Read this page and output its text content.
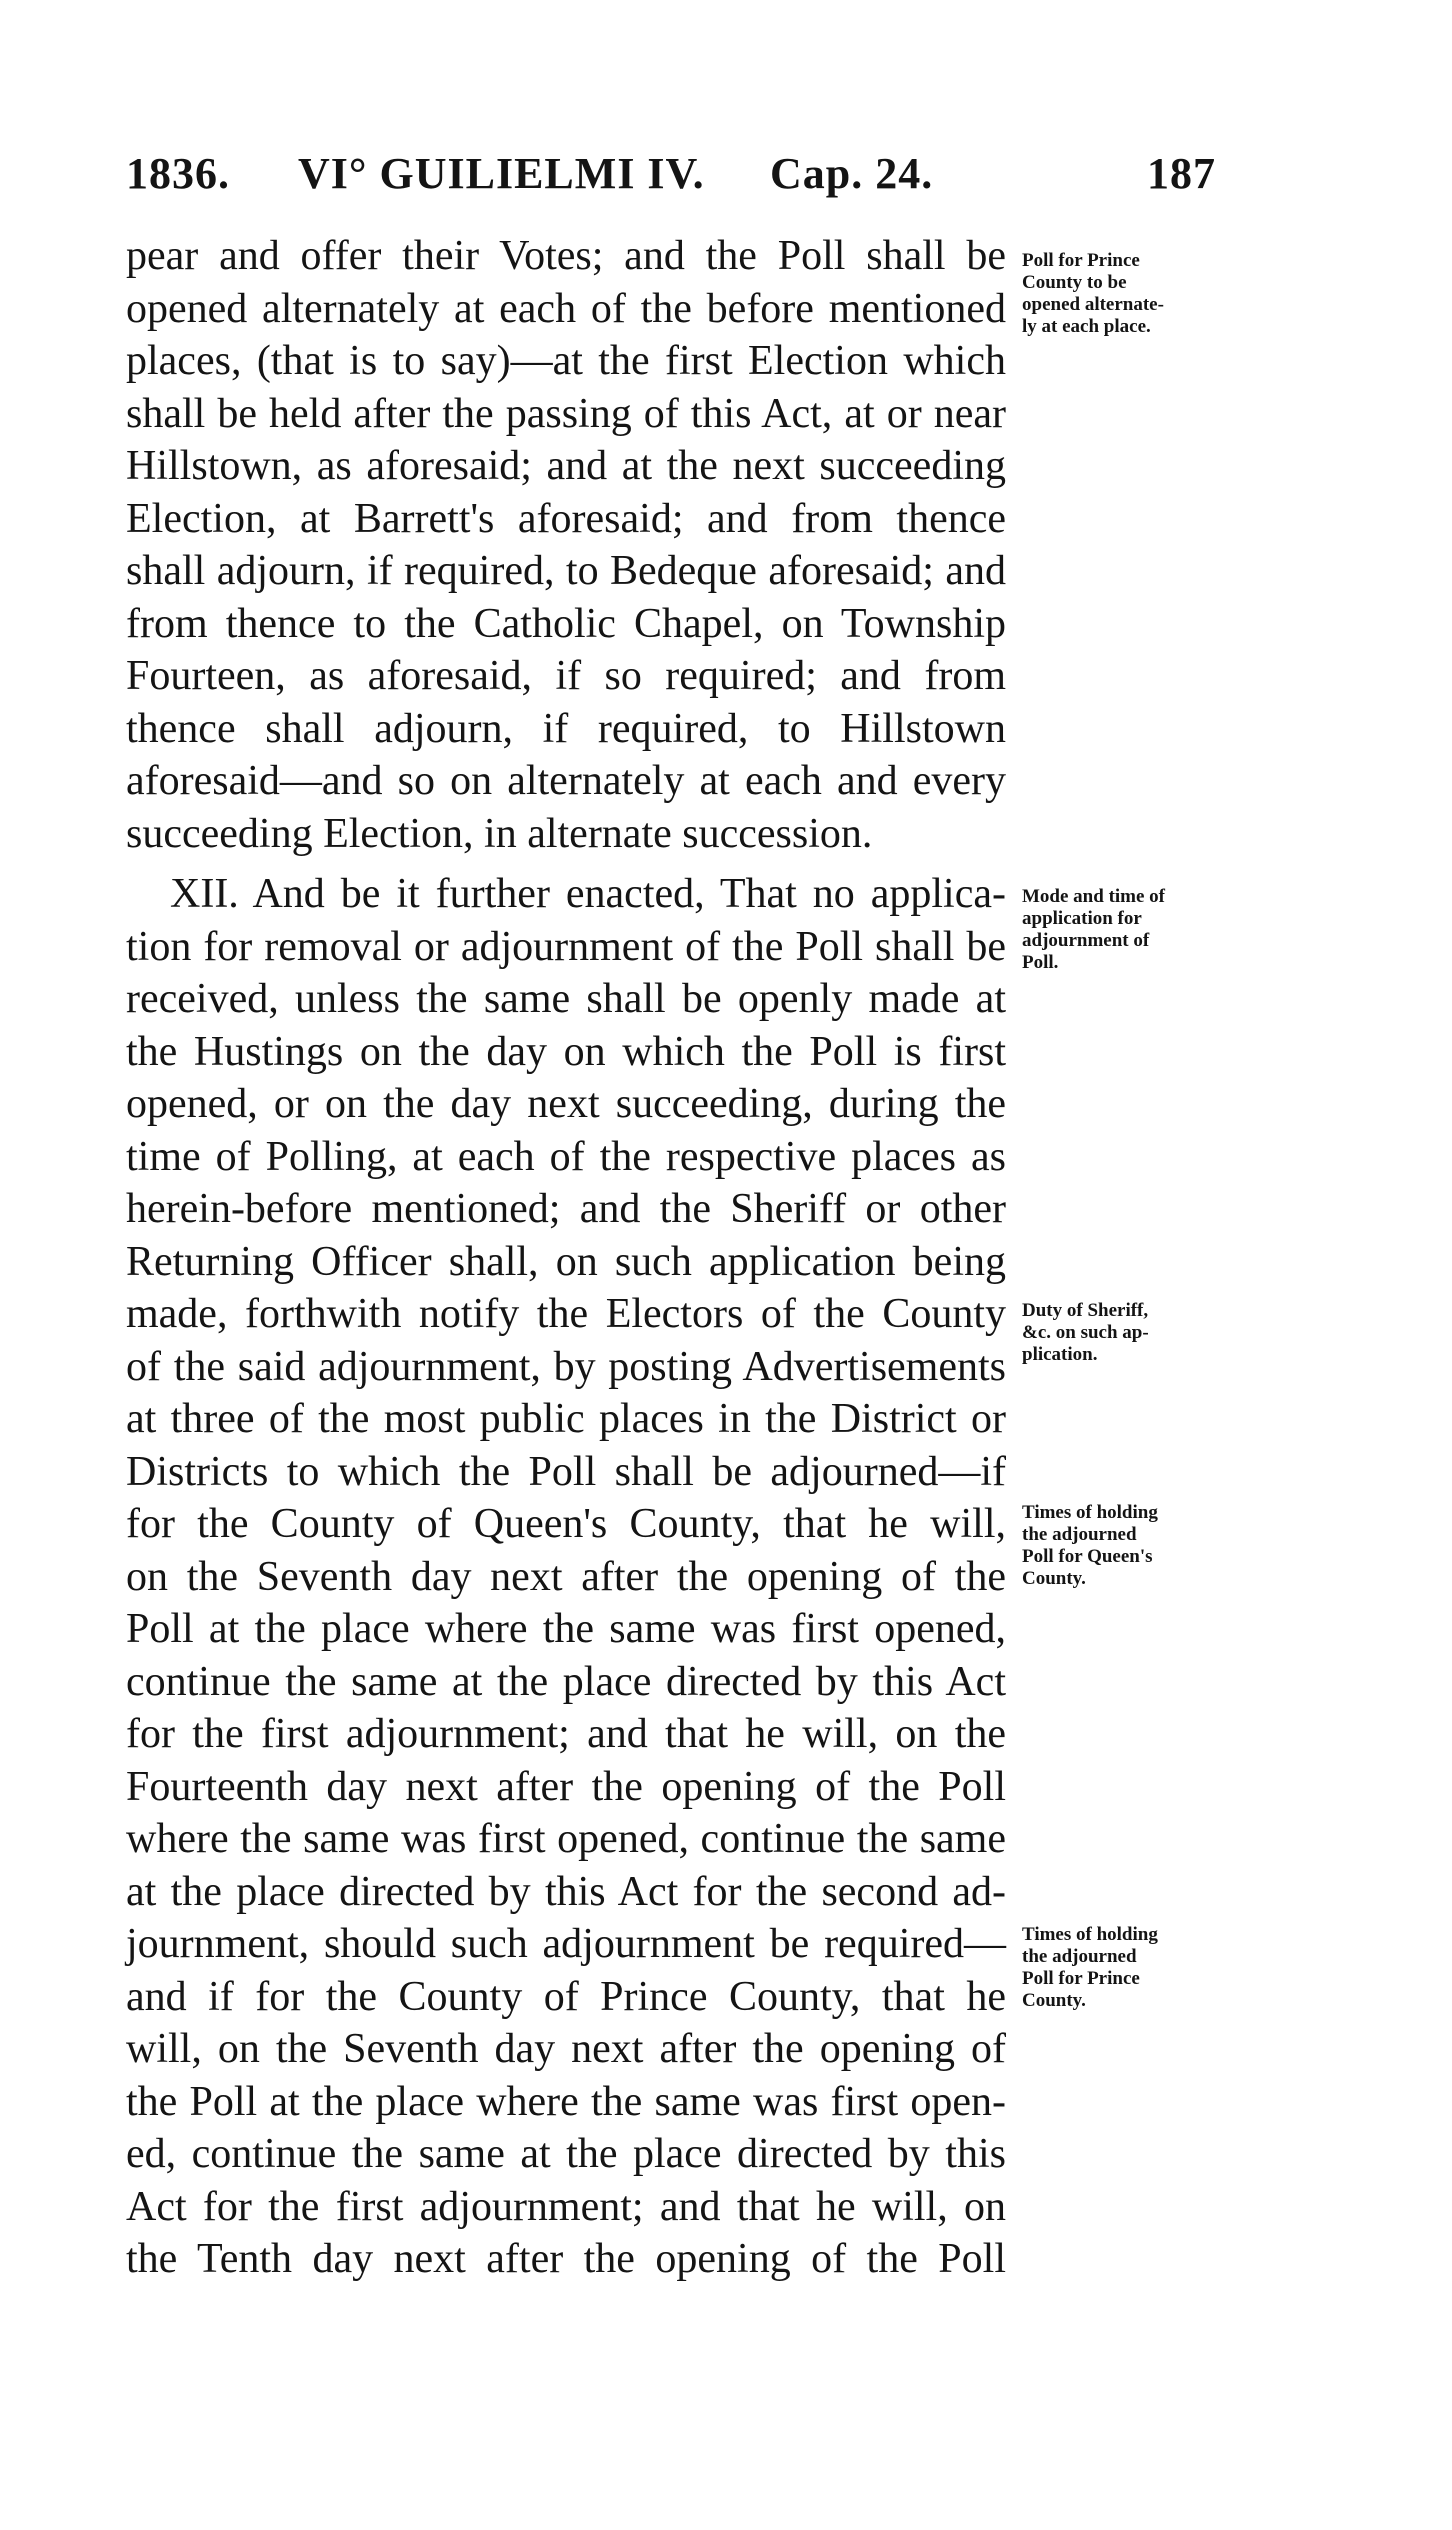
1836. VI° GUILIELMI IV. Cap. 24.	187
pear and offer their Votes; and the Poll shall be
opened alternately at each of the before mentioned
places, (that is to say)—at the first Election which
shall be held after the passing of this Act, at or near
Hillstown, as aforesaid; and at the next succeeding
Election, at Barrett's aforesaid; and from thence
shall adjourn, if required, to Bedeque aforesaid; and
from thence to the Catholic Chapel, on Township
Fourteen, as aforesaid, if so required; and from
thence shall adjourn, if required, to Hillstown
aforesaid—and so on alternately at each and every
succeeding Election, in alternate succession.
XII. And be it further enacted, That no applica-
tion for removal or adjournment of the Poll shall be
received, unless the same shall be openly made at
the Hustings on the day on which the Poll is first
opened, or on the day next succeeding, during the
time of Polling, at each of the respective places as
herein-before mentioned; and the Sheriff or other
Returning Officer shall, on such application being
made, forthwith notify the Electors of the County
of the said adjournment, by posting Advertisements
at three of the most public places in the District or
Districts to which the Poll shall be adjourned—if
for the County of Queen's County, that he will,
on the Seventh day next after the opening of the
Poll at the place where the same was first opened,
continue the same at the place directed by this Act
for the first adjournment; and that he will, on the
Fourteenth day next after the opening of the Poll
where the same was first opened, continue the same
at the place directed by this Act for the second ad-
journment, should such adjournment be required—
and if for the County of Prince County, that he
will, on the Seventh day next after the opening of
the Poll at the place where the same was first open-
ed, continue the same at the place directed by this
Act for the first adjournment; and that he will, on
the Tenth day next after the opening of the Poll
Poll for Prince
County to be
opened alternate-
ly at each place.
Mode and time of
application for
adjournment of
Poll.
Duty of Sheriff,
&c. on such ap-
plication.
Times of holding
the adjourned
Poll for Queen's
County.
Times of holding
the adjourned
Poll for Prince
County.
